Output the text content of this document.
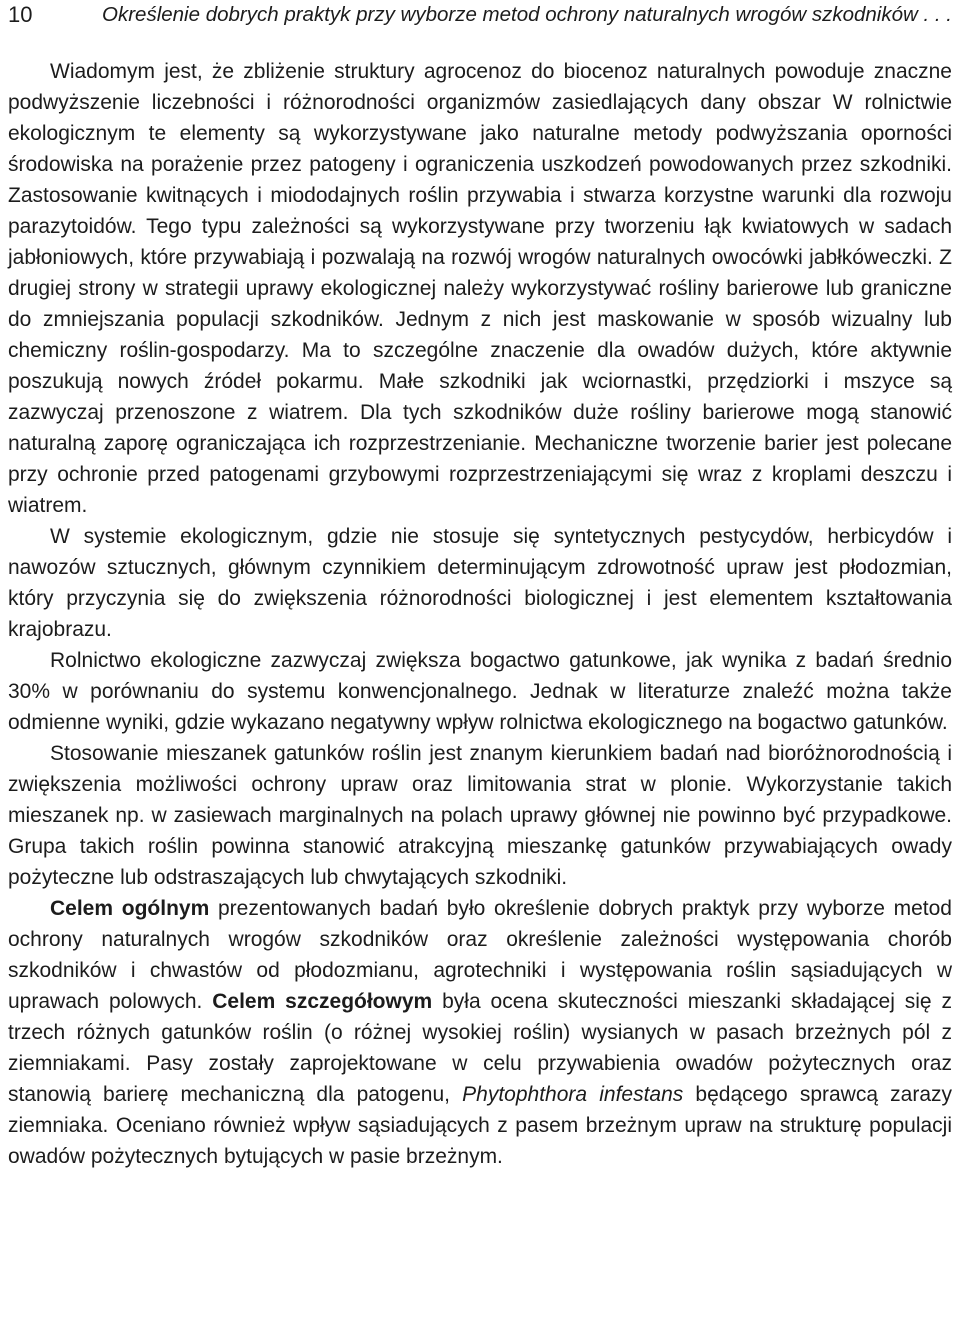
10	Określenie dobrych praktyk przy wyborze metod ochrony naturalnych wrogów szkodników . . .

Wiadomym jest, że zbliżenie struktury agrocenoz do biocenoz naturalnych powoduje znaczne podwyższenie liczebności i różnorodności organizmów zasiedlających dany obszar W rolnictwie ekologicznym te elementy są wykorzystywane jako naturalne metody podwyższania oporności środowiska na porażenie przez patogeny i ograniczenia uszkodzeń powodowanych przez szkodniki. Zastosowanie kwitnących i miododajnych roślin przywabia i stwarza korzystne warunki dla rozwoju parazytoidów. Tego typu zależności są wykorzystywane przy tworzeniu łąk kwiatowych w sadach jabłoniowych, które przywabiają i pozwalają na rozwój wrogów naturalnych owocówki jabłkóweczki. Z drugiej strony w strategii uprawy ekologicznej należy wykorzystywać rośliny barierowe lub graniczne do zmniejszania populacji szkodników. Jednym z nich jest maskowanie w sposób wizualny lub chemiczny roślin-gospodarzy. Ma to szczególne znaczenie dla owadów dużych, które aktywnie poszukują nowych źródeł pokarmu. Małe szkodniki jak wciornastki, przędziorki i mszyce są zazwyczaj przenoszone z wiatrem. Dla tych szkodników duże rośliny barierowe mogą stanowić naturalną zaporę ograniczająca ich rozprzestrzenianie. Mechaniczne tworzenie barier jest polecane przy ochronie przed patogenami grzybowymi rozprzestrzeniającymi się wraz z kroplami deszczu i wiatrem.

W systemie ekologicznym, gdzie nie stosuje się syntetycznych pestycydów, herbicydów i nawozów sztucznych, głównym czynnikiem determinującym zdrowotność upraw jest płodozmian, który przyczynia się do zwiększenia różnorodności biologicznej i jest elementem kształtowania krajobrazu.

Rolnictwo ekologiczne zazwyczaj zwiększa bogactwo gatunkowe, jak wynika z badań średnio 30% w porównaniu do systemu konwencjonalnego. Jednak w literaturze znaleźć można także odmienne wyniki, gdzie wykazano negatywny wpływ rolnictwa ekologicznego na bogactwo gatunków.

Stosowanie mieszanek gatunków roślin jest znanym kierunkiem badań nad bioróżnorodnością i zwiększenia możliwości ochrony upraw oraz limitowania strat w plonie. Wykorzystanie takich mieszanek np. w zasiewach marginalnych na polach uprawy głównej nie powinno być przypadkowe. Grupa takich roślin powinna stanowić atrakcyjną mieszankę gatunków przywabiających owady pożyteczne lub odstraszających lub chwytających szkodniki.

Celem ogólnym prezentowanych badań było określenie dobrych praktyk przy wyborze metod ochrony naturalnych wrogów szkodników oraz określenie zależności występowania chorób szkodników i chwastów od płodozmianu, agrotechniki i występowania roślin sąsiadujących w uprawach polowych. Celem szczegółowym była ocena skuteczności mieszanki składającej się z trzech różnych gatunków roślin (o różnej wysokiej roślin) wysianych w pasach brzeżnych pól z ziemniakami. Pasy zostały zaprojektowane w celu przywabienia owadów pożytecznych oraz stanowią barierę mechaniczną dla patogenu, Phytophthora infestans będącego sprawcą zarazy ziemniaka. Oceniano również wpływ sąsiadujących z pasem brzeżnym upraw na strukturę populacji owadów pożytecznych bytujących w pasie brzeżnym.
